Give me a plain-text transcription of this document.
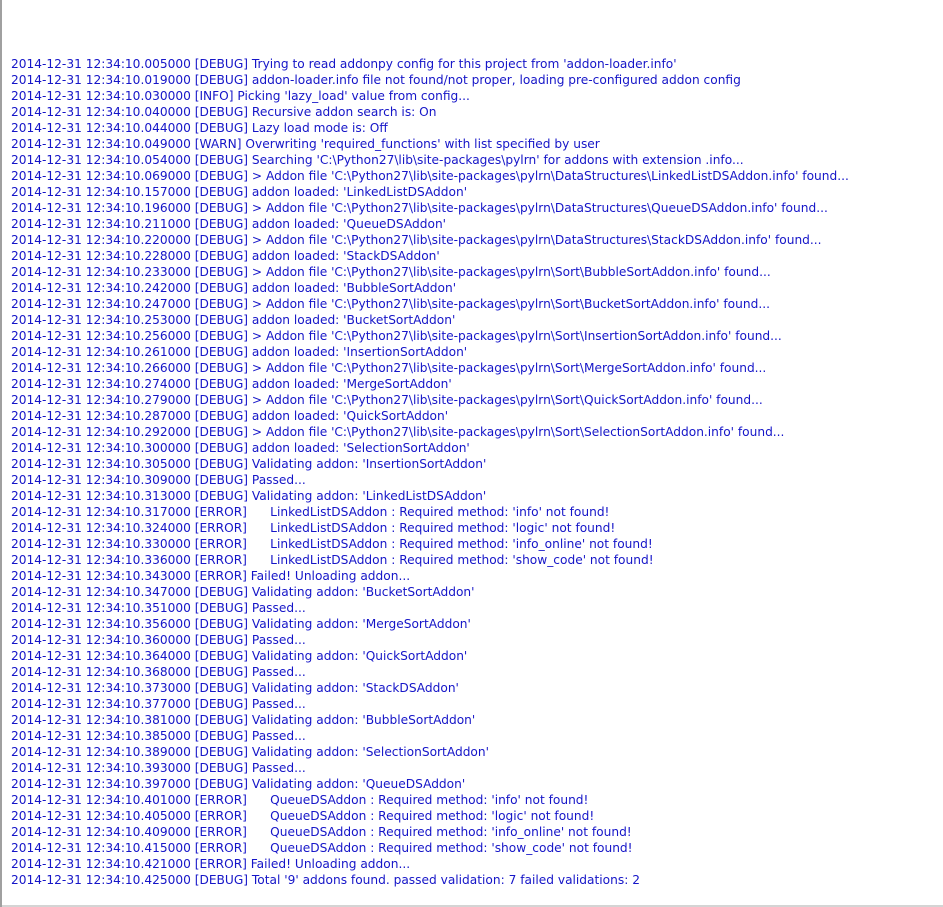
2014-12-31 12:34:10.005000 [DEBUG] Trying to read addonpy config for this project from 'addon-loader.info'
2014-12-31 12:34:10.019000 [DEBUG] addon-loader.info file not found/not proper, loading pre-configured addon config
2014-12-31 12:34:10.030000 [INFO] Picking 'lazy_load' value from config...
2014-12-31 12:34:10.040000 [DEBUG] Recursive addon search is: On
2014-12-31 12:34:10.044000 [DEBUG] Lazy load mode is: Off
2014-12-31 12:34:10.049000 [WARN] Overwriting 'required_functions' with list specified by user
2014-12-31 12:34:10.054000 [DEBUG] Searching 'C:\Python27\lib\site-packages\pylrn' for addons with extension .info...
2014-12-31 12:34:10.069000 [DEBUG] > Addon file 'C:\Python27\lib\site-packages\pylrn\DataStructures\LinkedListDSAddon.info' found...
2014-12-31 12:34:10.157000 [DEBUG] addon loaded: 'LinkedListDSAddon'
2014-12-31 12:34:10.196000 [DEBUG] > Addon file 'C:\Python27\lib\site-packages\pylrn\DataStructures\QueueDSAddon.info' found...
2014-12-31 12:34:10.211000 [DEBUG] addon loaded: 'QueueDSAddon'
2014-12-31 12:34:10.220000 [DEBUG] > Addon file 'C:\Python27\lib\site-packages\pylrn\DataStructures\StackDSAddon.info' found...
2014-12-31 12:34:10.228000 [DEBUG] addon loaded: 'StackDSAddon'
2014-12-31 12:34:10.233000 [DEBUG] > Addon file 'C:\Python27\lib\site-packages\pylrn\Sort\BubbleSortAddon.info' found...
2014-12-31 12:34:10.242000 [DEBUG] addon loaded: 'BubbleSortAddon'
2014-12-31 12:34:10.247000 [DEBUG] > Addon file 'C:\Python27\lib\site-packages\pylrn\Sort\BucketSortAddon.info' found...
2014-12-31 12:34:10.253000 [DEBUG] addon loaded: 'BucketSortAddon'
2014-12-31 12:34:10.256000 [DEBUG] > Addon file 'C:\Python27\lib\site-packages\pylrn\Sort\InsertionSortAddon.info' found...
2014-12-31 12:34:10.261000 [DEBUG] addon loaded: 'InsertionSortAddon'
2014-12-31 12:34:10.266000 [DEBUG] > Addon file 'C:\Python27\lib\site-packages\pylrn\Sort\MergeSortAddon.info' found...
2014-12-31 12:34:10.274000 [DEBUG] addon loaded: 'MergeSortAddon'
2014-12-31 12:34:10.279000 [DEBUG] > Addon file 'C:\Python27\lib\site-packages\pylrn\Sort\QuickSortAddon.info' found...
2014-12-31 12:34:10.287000 [DEBUG] addon loaded: 'QuickSortAddon'
2014-12-31 12:34:10.292000 [DEBUG] > Addon file 'C:\Python27\lib\site-packages\pylrn\Sort\SelectionSortAddon.info' found...
2014-12-31 12:34:10.300000 [DEBUG] addon loaded: 'SelectionSortAddon'
2014-12-31 12:34:10.305000 [DEBUG] Validating addon: 'InsertionSortAddon'
2014-12-31 12:34:10.309000 [DEBUG] Passed...
2014-12-31 12:34:10.313000 [DEBUG] Validating addon: 'LinkedListDSAddon'
2014-12-31 12:34:10.317000 [ERROR]      LinkedListDSAddon : Required method: 'info' not found!
2014-12-31 12:34:10.324000 [ERROR]      LinkedListDSAddon : Required method: 'logic' not found!
2014-12-31 12:34:10.330000 [ERROR]      LinkedListDSAddon : Required method: 'info_online' not found!
2014-12-31 12:34:10.336000 [ERROR]      LinkedListDSAddon : Required method: 'show_code' not found!
2014-12-31 12:34:10.343000 [ERROR] Failed! Unloading addon...
2014-12-31 12:34:10.347000 [DEBUG] Validating addon: 'BucketSortAddon'
2014-12-31 12:34:10.351000 [DEBUG] Passed...
2014-12-31 12:34:10.356000 [DEBUG] Validating addon: 'MergeSortAddon'
2014-12-31 12:34:10.360000 [DEBUG] Passed...
2014-12-31 12:34:10.364000 [DEBUG] Validating addon: 'QuickSortAddon'
2014-12-31 12:34:10.368000 [DEBUG] Passed...
2014-12-31 12:34:10.373000 [DEBUG] Validating addon: 'StackDSAddon'
2014-12-31 12:34:10.377000 [DEBUG] Passed...
2014-12-31 12:34:10.381000 [DEBUG] Validating addon: 'BubbleSortAddon'
2014-12-31 12:34:10.385000 [DEBUG] Passed...
2014-12-31 12:34:10.389000 [DEBUG] Validating addon: 'SelectionSortAddon'
2014-12-31 12:34:10.393000 [DEBUG] Passed...
2014-12-31 12:34:10.397000 [DEBUG] Validating addon: 'QueueDSAddon'
2014-12-31 12:34:10.401000 [ERROR]      QueueDSAddon : Required method: 'info' not found!
2014-12-31 12:34:10.405000 [ERROR]      QueueDSAddon : Required method: 'logic' not found!
2014-12-31 12:34:10.409000 [ERROR]      QueueDSAddon : Required method: 'info_online' not found!
2014-12-31 12:34:10.415000 [ERROR]      QueueDSAddon : Required method: 'show_code' not found!
2014-12-31 12:34:10.421000 [ERROR] Failed! Unloading addon...
2014-12-31 12:34:10.425000 [DEBUG] Total '9' addons found. passed validation: 7 failed validations: 2
